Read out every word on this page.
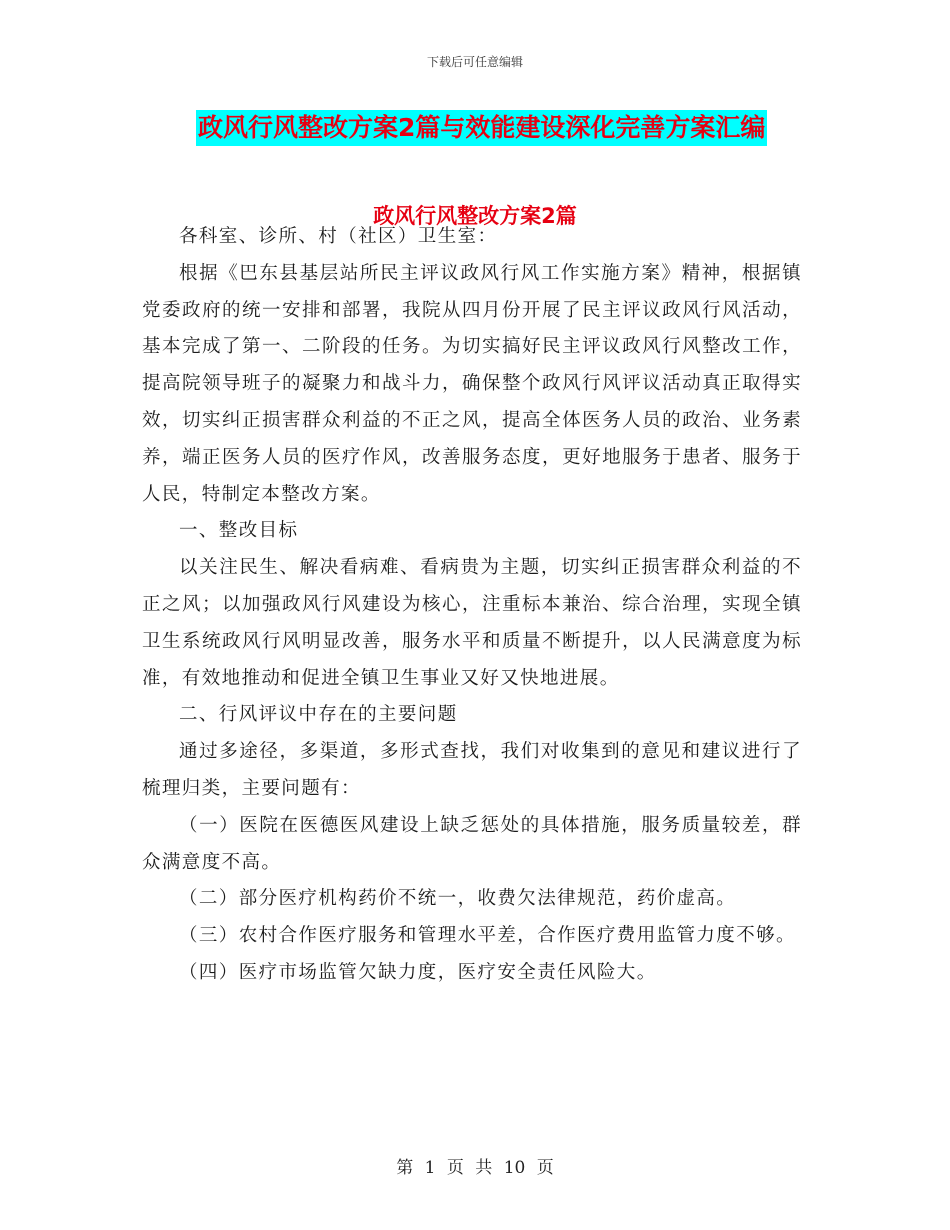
下载后可任意编辑
政风行风整改方案2篇与效能建设深化完善方案汇编
政风行风整改方案2篇

各科室、诊所、村（社区）卫生室：

根据《巴东县基层站所民主评议政风行风工作实施方案》精神，根据镇党委政府的统一安排和部署，我院从四月份开展了民主评议政风行风活动，基本完成了第一、二阶段的任务。为切实搞好民主评议政风行风整改工作，提高院领导班子的凝聚力和战斗力，确保整个政风行风评议活动真正取得实效，切实纠正损害群众利益的不正之风，提高全体医务人员的政治、业务素养，端正医务人员的医疗作风，改善服务态度，更好地服务于患者、服务于人民，特制定本整改方案。

一、整改目标

以关注民生、解决看病难、看病贵为主题，切实纠正损害群众利益的不正之风；以加强政风行风建设为核心，注重标本兼治、综合治理，实现全镇卫生系统政风行风明显改善，服务水平和质量不断提升，以人民满意度为标准，有效地推动和促进全镇卫生事业又好又快地进展。

二、行风评议中存在的主要问题

通过多途径，多渠道，多形式查找，我们对收集到的意见和建议进行了梳理归类，主要问题有：

（一）医院在医德医风建设上缺乏惩处的具体措施，服务质量较差，群众满意度不高。

（二）部分医疗机构药价不统一，收费欠法律规范，药价虚高。

（三）农村合作医疗服务和管理水平差，合作医疗费用监管力度不够。

（四）医疗市场监管欠缺力度，医疗安全责任风险大。

第 1 页 共 10 页
